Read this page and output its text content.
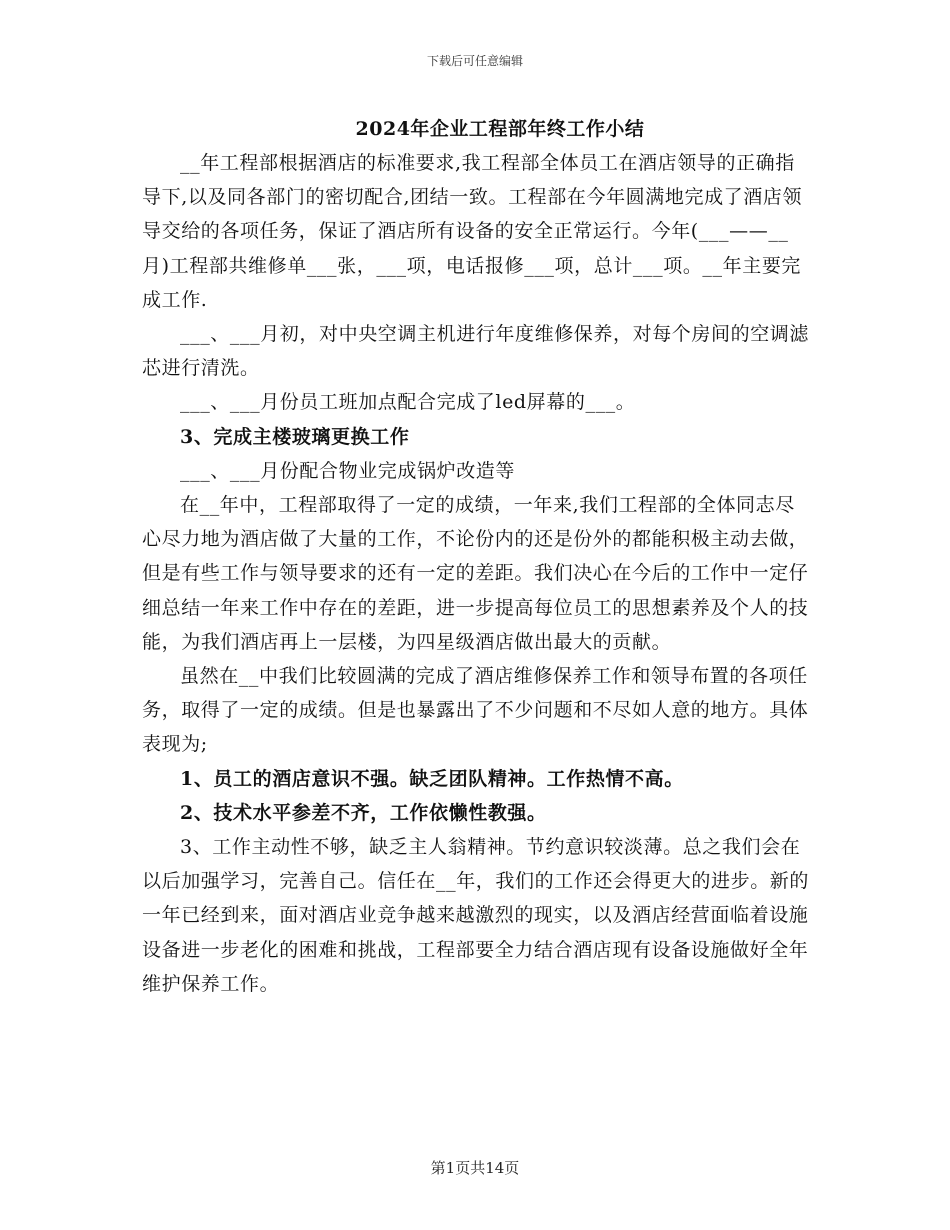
下载后可任意编辑
2024年企业工程部年终工作小结

__年工程部根据酒店的标准要求,我工程部全体员工在酒店领导的正确指导下,以及同各部门的密切配合,团结一致。工程部在今年圆满地完成了酒店领导交给的各项任务，保证了酒店所有设备的安全正常运行。今年(___——__月)工程部共维修单___张，___项，电话报修___项，总计___项。__年主要完成工作.

___、___月初，对中央空调主机进行年度维修保养，对每个房间的空调滤芯进行清洗。

___、___月份员工班加点配合完成了led屏幕的___。

3、完成主楼玻璃更换工作

___、___月份配合物业完成锅炉改造等

在__年中，工程部取得了一定的成绩，一年来,我们工程部的全体同志尽心尽力地为酒店做了大量的工作，不论份内的还是份外的都能积极主动去做，但是有些工作与领导要求的还有一定的差距。我们决心在今后的工作中一定仔细总结一年来工作中存在的差距，进一步提高每位员工的思想素养及个人的技能，为我们酒店再上一层楼，为四星级酒店做出最大的贡献。

虽然在__中我们比较圆满的完成了酒店维修保养工作和领导布置的各项任务，取得了一定的成绩。但是也暴露出了不少问题和不尽如人意的地方。具体表现为;

1、员工的酒店意识不强。缺乏团队精神。工作热情不高。

2、技术水平参差不齐，工作依懒性教强。

3、工作主动性不够，缺乏主人翁精神。节约意识较淡薄。总之我们会在以后加强学习，完善自己。信任在__年，我们的工作还会得更大的进步。新的一年已经到来，面对酒店业竞争越来越激烈的现实，以及酒店经营面临着设施设备进一步老化的困难和挑战，工程部要全力结合酒店现有设备设施做好全年维护保养工作。

第1页共14页
